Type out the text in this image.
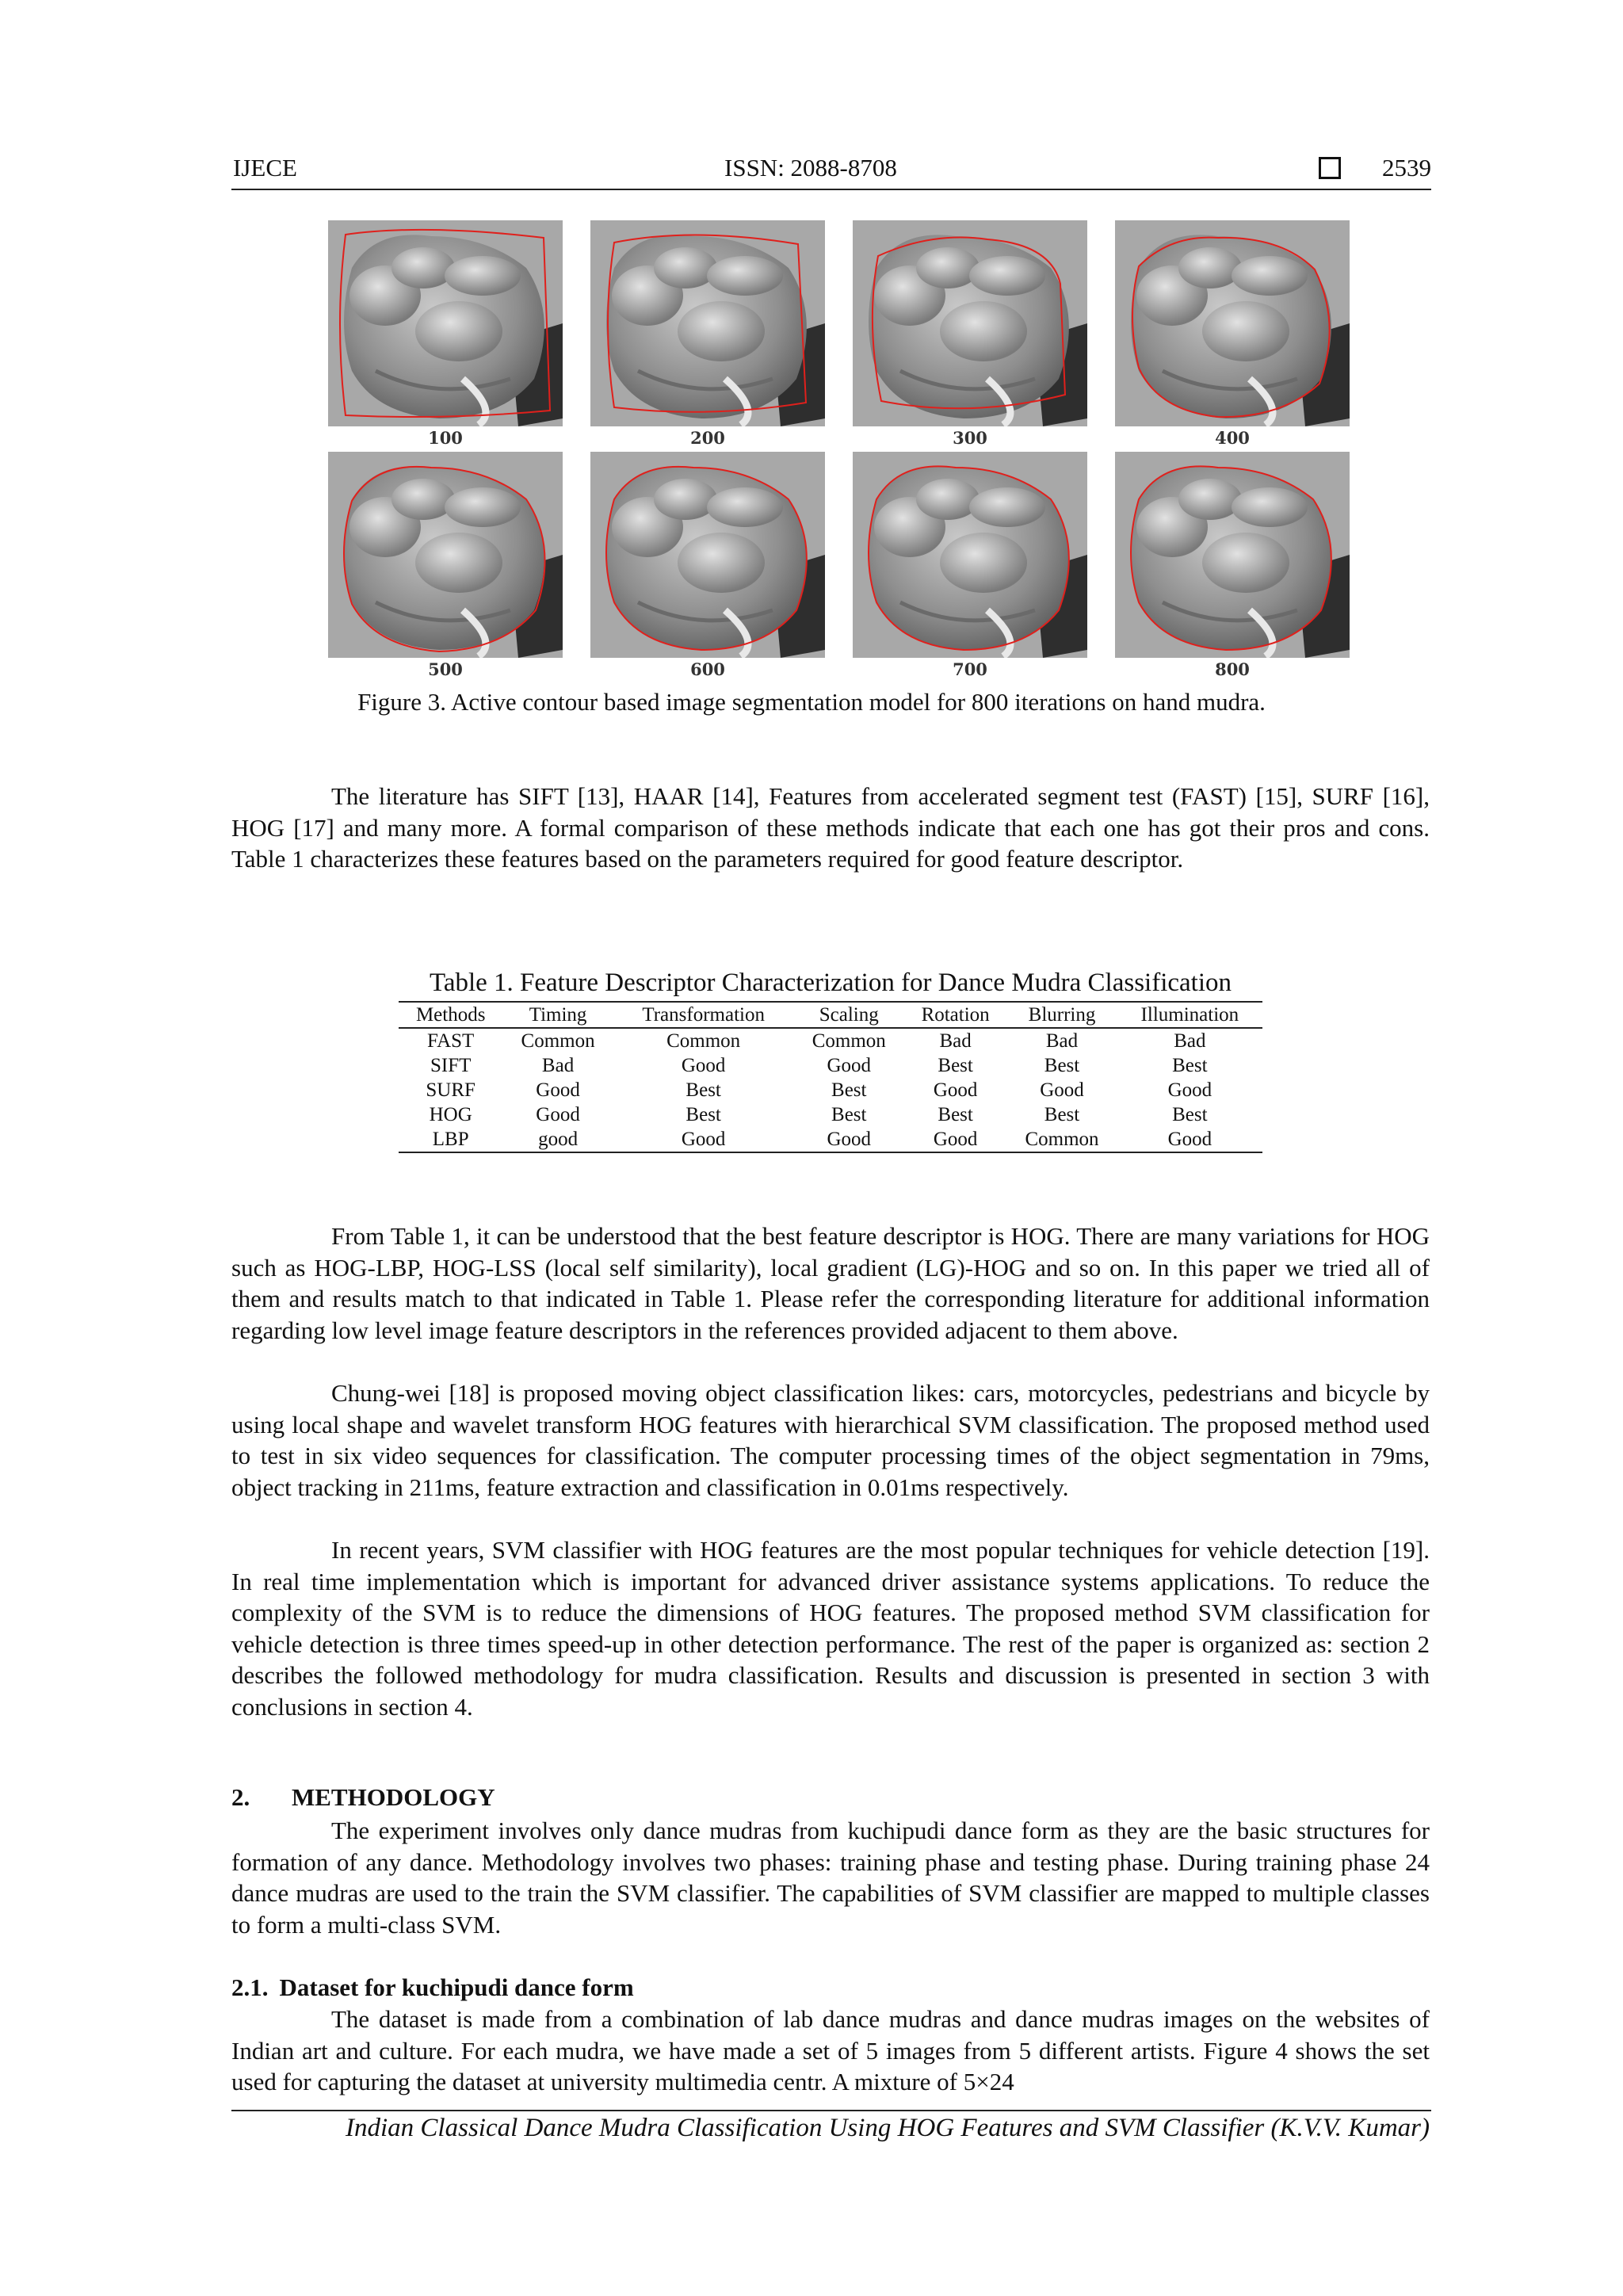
IJECE	ISSN: 2088-8708	2539
100	200	300	400
500	600	700	800
Figure 3. Active contour based image segmentation model for 800 iterations on hand mudra.

The literature has SIFT [13], HAAR [14], Features from accelerated segment test (FAST) [15], SURF [16], HOG [17] and many more. A formal comparison of these methods indicate that each one has got their pros and cons. Table 1 characterizes these features based on the parameters required for good feature descriptor.

Table 1. Feature Descriptor Characterization for Dance Mudra Classification
Methods	Timing	Transformation	Scaling	Rotation	Blurring	Illumination
FAST	Common	Common	Common	Bad	Bad	Bad
SIFT	Bad	Good	Good	Best	Best	Best
SURF	Good	Best	Best	Good	Good	Good
HOG	Good	Best	Best	Best	Best	Best
LBP	good	Good	Good	Good	Common	Good

From Table 1, it can be understood that the best feature descriptor is HOG. There are many variations for HOG such as HOG-LBP, HOG-LSS (local self similarity), local gradient (LG)-HOG and so on. In this paper we tried all of them and results match to that indicated in Table 1. Please refer the corresponding literature for additional information regarding low level image feature descriptors in the references provided adjacent to them above.

Chung-wei [18] is proposed moving object classification likes: cars, motorcycles, pedestrians and bicycle by using local shape and wavelet transform HOG features with hierarchical SVM classification. The proposed method used to test in six video sequences for classification. The computer processing times of the object segmentation in 79ms, object tracking in 211ms, feature extraction and classification in 0.01ms respectively.

In recent years, SVM classifier with HOG features are the most popular techniques for vehicle detection [19]. In real time implementation which is important for advanced driver assistance systems applications. To reduce the complexity of the SVM is to reduce the dimensions of HOG features. The proposed method SVM classification for vehicle detection is three times speed-up in other detection performance. The rest of the paper is organized as: section 2 describes the followed methodology for mudra classification. Results and discussion is presented in section 3 with conclusions in section 4.

2. METHODOLOGY

The experiment involves only dance mudras from kuchipudi dance form as they are the basic structures for formation of any dance. Methodology involves two phases: training phase and testing phase. During training phase 24 dance mudras are used to the train the SVM classifier. The capabilities of SVM classifier are mapped to multiple classes to form a multi-class SVM.

2.1. Dataset for kuchipudi dance form

The dataset is made from a combination of lab dance mudras and dance mudras images on the websites of Indian art and culture. For each mudra, we have made a set of 5 images from 5 different artists. Figure 4 shows the set used for capturing the dataset at university multimedia centr. A mixture of 5×24

Indian Classical Dance Mudra Classification Using HOG Features and SVM Classifier (K.V.V. Kumar)
